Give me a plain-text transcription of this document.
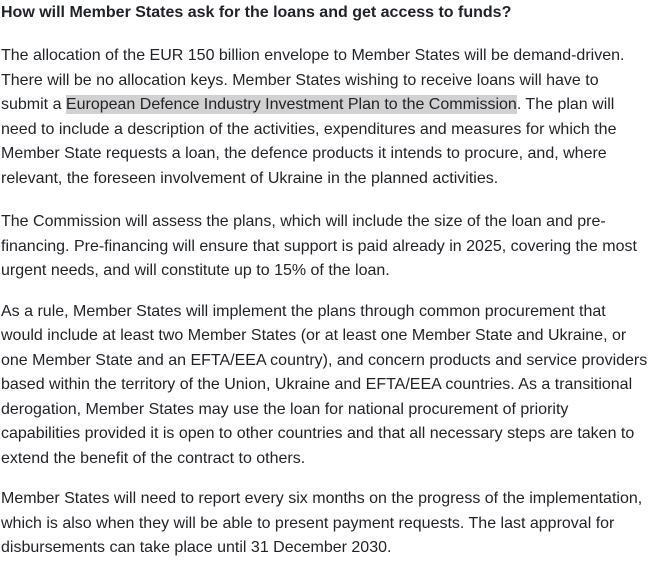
How will Member States ask for the loans and get access to funds?

The allocation of the EUR 150 billion envelope to Member States will be demand-driven. There will be no allocation keys. Member States wishing to receive loans will have to submit a European Defence Industry Investment Plan to the Commission. The plan will need to include a description of the activities, expenditures and measures for which the Member State requests a loan, the defence products it intends to procure, and, where relevant, the foreseen involvement of Ukraine in the planned activities.

The Commission will assess the plans, which will include the size of the loan and pre-financing. Pre-financing will ensure that support is paid already in 2025, covering the most urgent needs, and will constitute up to 15% of the loan.

As a rule, Member States will implement the plans through common procurement that would include at least two Member States (or at least one Member State and Ukraine, or one Member State and an EFTA/EEA country), and concern products and service providers based within the territory of the Union, Ukraine and EFTA/EEA countries. As a transitional derogation, Member States may use the loan for national procurement of priority capabilities provided it is open to other countries and that all necessary steps are taken to extend the benefit of the contract to others.

Member States will need to report every six months on the progress of the implementation, which is also when they will be able to present payment requests. The last approval for disbursements can take place until 31 December 2030.
